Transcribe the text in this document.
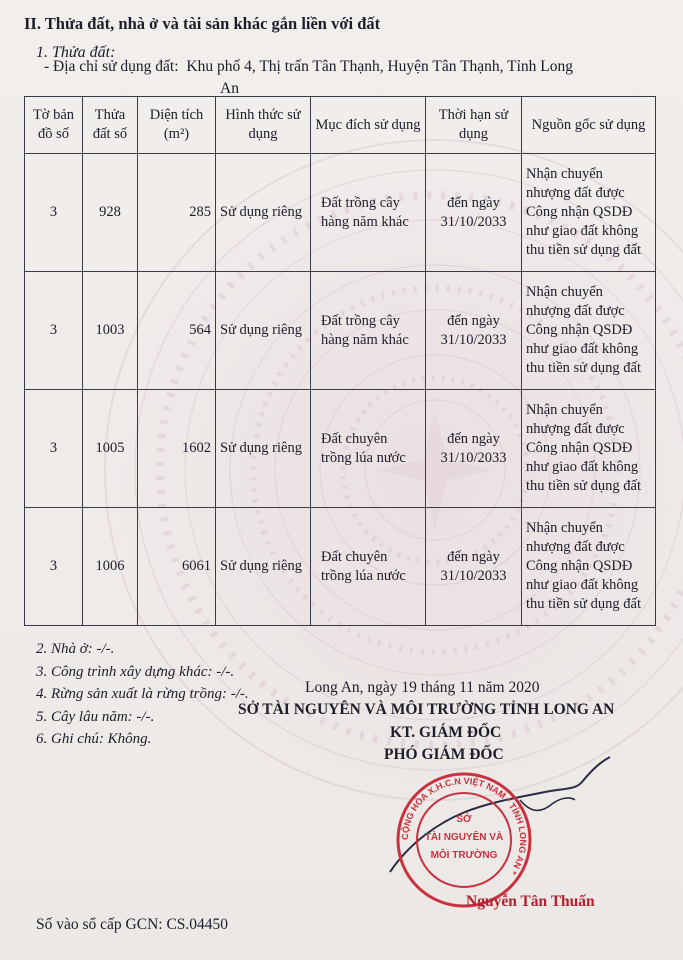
II. Thửa đất, nhà ở và tài sản khác gắn liền với đất
1. Thửa đất:
- Địa chỉ sử dụng đất: Khu phố 4, Thị trấn Tân Thạnh, Huyện Tân Thạnh, Tỉnh Long
An
Tờ bản đồ số	Thửa đất số	Diện tích (m²)	Hình thức sử dụng	Mục đích sử dụng	Thời hạn sử dụng	Nguồn gốc sử dụng
3	928	285	Sử dụng riêng	Đất trồng cây hàng năm khác	đến ngày 31/10/2033	Nhận chuyển nhượng đất được Công nhận QSDĐ như giao đất không thu tiền sử dụng đất
3	1003	564	Sử dụng riêng	Đất trồng cây hàng năm khác	đến ngày 31/10/2033	Nhận chuyển nhượng đất được Công nhận QSDĐ như giao đất không thu tiền sử dụng đất
3	1005	1602	Sử dụng riêng	Đất chuyên trồng lúa nước	đến ngày 31/10/2033	Nhận chuyển nhượng đất được Công nhận QSDĐ như giao đất không thu tiền sử dụng đất
3	1006	6061	Sử dụng riêng	Đất chuyên trồng lúa nước	đến ngày 31/10/2033	Nhận chuyển nhượng đất được Công nhận QSDĐ như giao đất không thu tiền sử dụng đất
2. Nhà ở: -/-.
3. Công trình xây dựng khác: -/-.
4. Rừng sản xuất là rừng trồng: -/-.
5. Cây lâu năm: -/-.
6. Ghi chú: Không.
Long An, ngày 19 tháng 11 năm 2020
SỞ TÀI NGUYÊN VÀ MÔI TRƯỜNG TỈNH LONG AN
KT. GIÁM ĐỐC
PHÓ GIÁM ĐỐC
CỘNG HÒA X.H.C.N VIỆT NAM * TỈNH LONG AN *
SỞ
TÀI NGUYÊN VÀ
MÔI TRƯỜNG
Nguyễn Tân Thuấn
Số vào sổ cấp GCN: CS.04450
